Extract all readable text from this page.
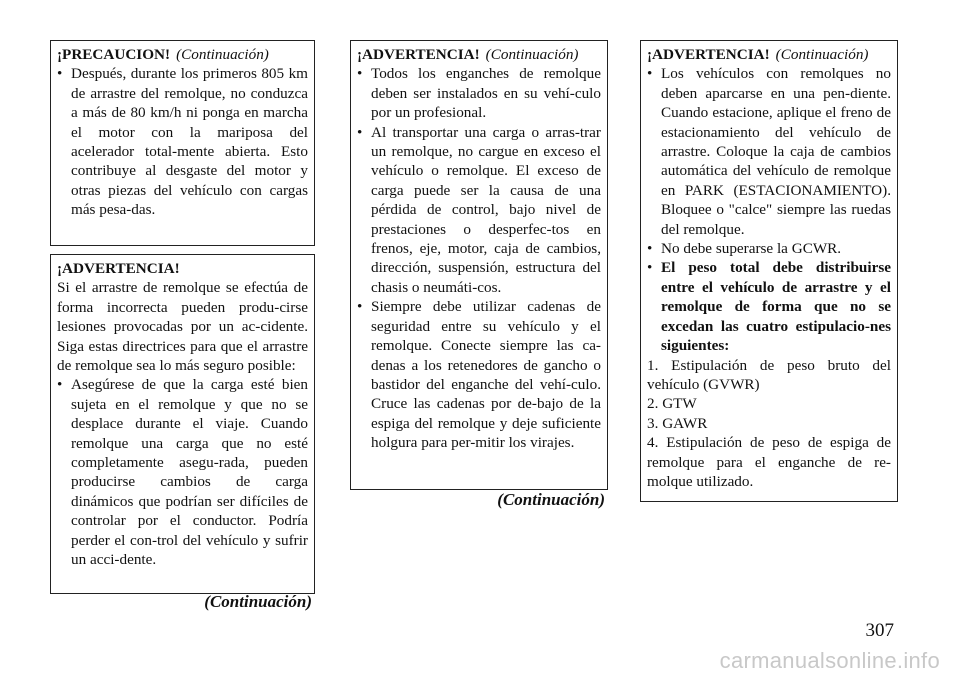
¡PRECAUCION! (Continuación)

• Después, durante los primeros 805 km de arrastre del remolque, no conduzca a más de 80 km/h ni ponga en marcha el motor con la mariposa del acelerador total-mente abierta. Esto contribuye al desgaste del motor y otras piezas del vehículo con cargas más pesa-das.

¡ADVERTENCIA!

Si el arrastre de remolque se efectúa de forma incorrecta pueden produ-cirse lesiones provocadas por un ac-cidente. Siga estas directrices para que el arrastre de remolque sea lo más seguro posible:

• Asegúrese de que la carga esté bien sujeta en el remolque y que no se desplace durante el viaje. Cuando remolque una carga que no esté completamente asegu-rada, pueden producirse cambios de carga dinámicos que podrían ser difíciles de controlar por el conductor. Podría perder el con-trol del vehículo y sufrir un acci-dente.
(Continuación)

¡ADVERTENCIA! (Continuación)

• Todos los enganches de remolque deben ser instalados en su vehí-culo por un profesional.
• Al transportar una carga o arras-trar un remolque, no cargue en exceso el vehículo o remolque. El exceso de carga puede ser la causa de una pérdida de control, bajo nivel de prestaciones o desperfec-tos en frenos, eje, motor, caja de cambios, dirección, suspensión, estructura del chasis o neumáti-cos.
• Siempre debe utilizar cadenas de seguridad entre su vehículo y el remolque. Conecte siempre las ca-denas a los retenedores de gancho o bastidor del enganche del vehí-culo. Cruce las cadenas por de-bajo de la espiga del remolque y deje suficiente holgura para per-mitir los virajes.
(Continuación)

¡ADVERTENCIA! (Continuación)

• Los vehículos con remolques no deben aparcarse en una pen-diente. Cuando estacione, aplique el freno de estacionamiento del vehículo de arrastre. Coloque la caja de cambios automática del vehículo de remolque en PARK (ESTACIONAMIENTO). Bloquee o "calce" siempre las ruedas del remolque.
• No debe superarse la GCWR.
• El peso total debe distribuirse entre el vehículo de arrastre y el remolque de forma que no se excedan las cuatro estipulacio-nes siguientes:

1. Estipulación de peso bruto del vehículo (GVWR)

2. GTW

3. GAWR

4. Estipulación de peso de espiga de remolque para el enganche de re-molque utilizado.

307
carmanualsonline.info
